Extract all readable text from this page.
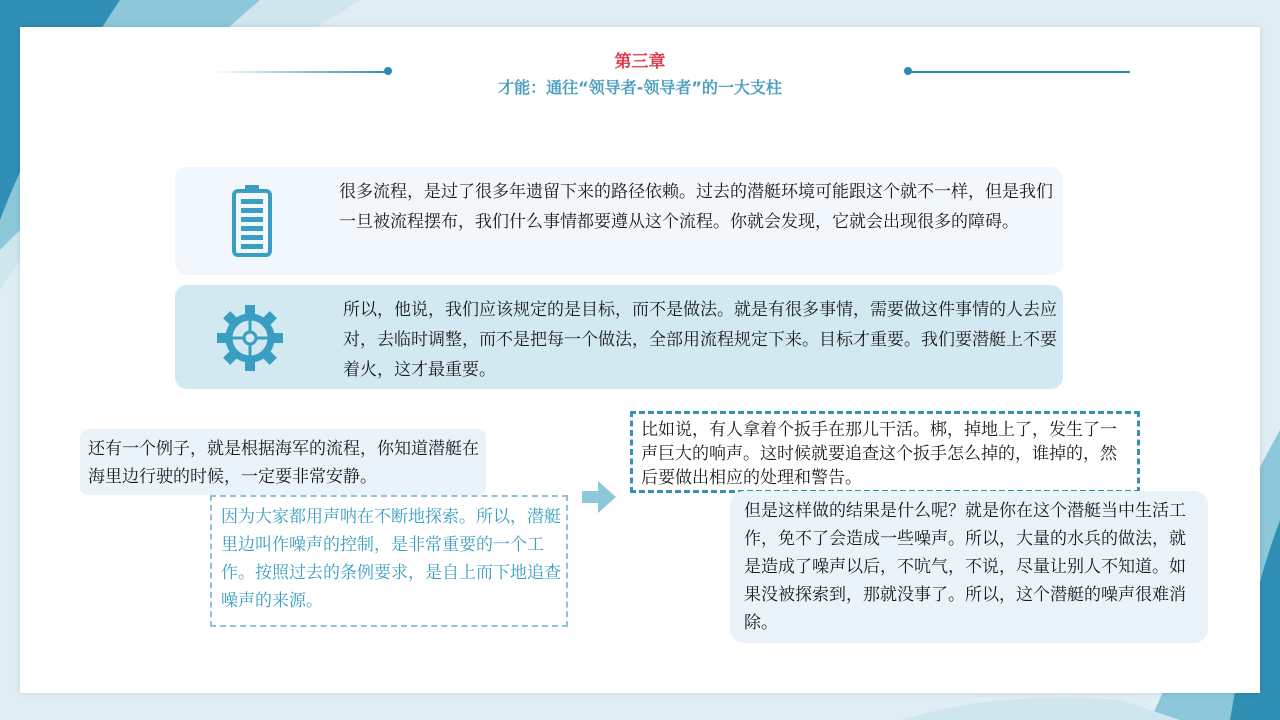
第三章
才能：通往“领导者-领导者”的一大支柱
很多流程，是过了很多年遗留下来的路径依赖。过去的潜艇环境可能跟这个就不一样，但是我们一旦被流程摆布，我们什么事情都要遵从这个流程。你就会发现，它就会出现很多的障碍。
所以，他说，我们应该规定的是目标，而不是做法。就是有很多事情，需要做这件事情的人去应对，去临时调整，而不是把每一个做法，全部用流程规定下来。目标才重要。我们要潜艇上不要着火，这才最重要。
还有一个例子，就是根据海军的流程，你知道潜艇在海里边行驶的时候，一定要非常安静。
因为大家都用声呐在不断地探索。所以，潜艇里边叫作噪声的控制，是非常重要的一个工作。按照过去的条例要求，是自上而下地追查噪声的来源。
比如说，有人拿着个扳手在那儿干活。梆，掉地上了，发生了一声巨大的响声。这时候就要追查这个扳手怎么掉的，谁掉的，然后要做出相应的处理和警告。
但是这样做的结果是什么呢？就是你在这个潜艇当中生活工作，免不了会造成一些噪声。所以，大量的水兵的做法，就是造成了噪声以后，不吭气，不说，尽量让别人不知道。如果没被探索到，那就没事了。所以，这个潜艇的噪声很难消除。
